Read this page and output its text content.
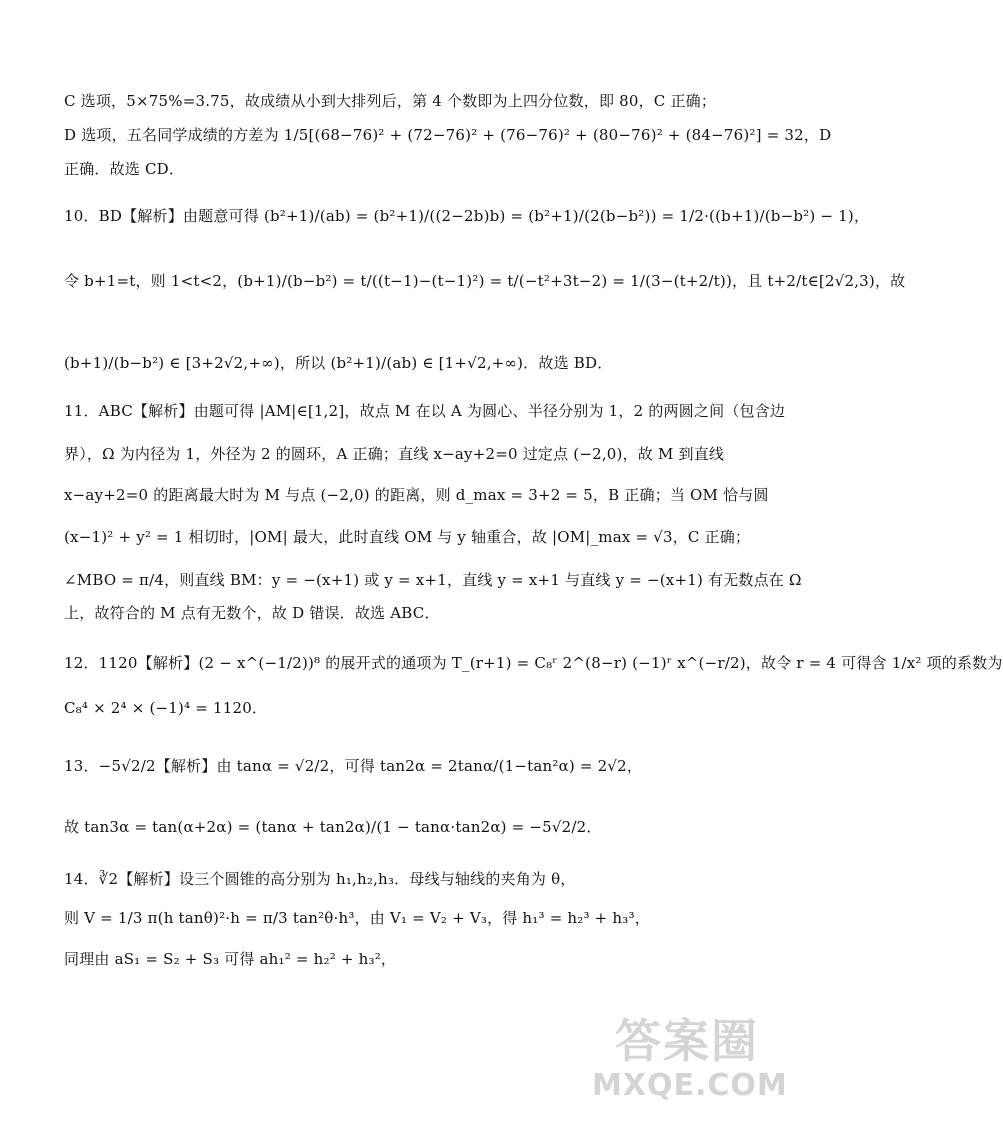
C 选项，5×75%=3.75，故成绩从小到大排列后，第 4 个数即为上四分位数，即 80，C 正确；
D 选项，五名同学成绩的方差为 1/5[(68−76)² + (72−76)² + (76−76)² + (80−76)² + (84−76)²] = 32，D
正确．故选 CD．
10．BD【解析】由题意可得 (b²+1)/(ab) = (b²+1)/((2−2b)b) = (b²+1)/(2(b−b²)) = 1/2·((b+1)/(b−b²) − 1)，
令 b+1=t，则 1<t<2，(b+1)/(b−b²) = t/((t−1)−(t−1)²) = t/(−t²+3t−2) = 1/(3−(t+2/t))，且 t+2/t∈[2√2,3)，故
(b+1)/(b−b²) ∈ [3+2√2,+∞)，所以 (b²+1)/(ab) ∈ [1+√2,+∞)．故选 BD．
11．ABC【解析】由题可得 |AM|∈[1,2]，故点 M 在以 A 为圆心、半径分别为 1，2 的两圆之间（包含边
界），Ω 为内径为 1，外径为 2 的圆环，A 正确；直线 x−ay+2=0 过定点 (−2,0)，故 M 到直线
x−ay+2=0 的距离最大时为 M 与点 (−2,0) 的距离，则 d_max = 3+2 = 5，B 正确；当 OM 恰与圆
(x−1)² + y² = 1 相切时，|OM| 最大，此时直线 OM 与 y 轴重合，故 |OM|_max = √3，C 正确；
∠MBO = π/4，则直线 BM：y = −(x+1) 或 y = x+1，直线 y = x+1 与直线 y = −(x+1) 有无数点在 Ω
上，故符合的 M 点有无数个，故 D 错误．故选 ABC．
12．1120【解析】(2 − x^(−1/2))⁸ 的展开式的通项为 T_(r+1) = C₈ʳ 2^(8−r) (−1)ʳ x^(−r/2)，故令 r = 4 可得含 1/x² 项的系数为
C₈⁴ × 2⁴ × (−1)⁴ = 1120．
13．−5√2/2【解析】由 tanα = √2/2，可得 tan2α = 2tanα/(1−tan²α) = 2√2，
故 tan3α = tan(α+2α) = (tanα + tan2α)/(1 − tanα·tan2α) = −5√2/2．
14．∛2【解析】设三个圆锥的高分别为 h₁,h₂,h₃．母线与轴线的夹角为 θ，
则 V = 1/3 π(h tanθ)²·h = π/3 tan²θ·h³，由 V₁ = V₂ + V₃，得 h₁³ = h₂³ + h₃³，
同理由 aS₁ = S₂ + S₃ 可得 ah₁² = h₂² + h₃²，
答案圈
MXQE.COM
